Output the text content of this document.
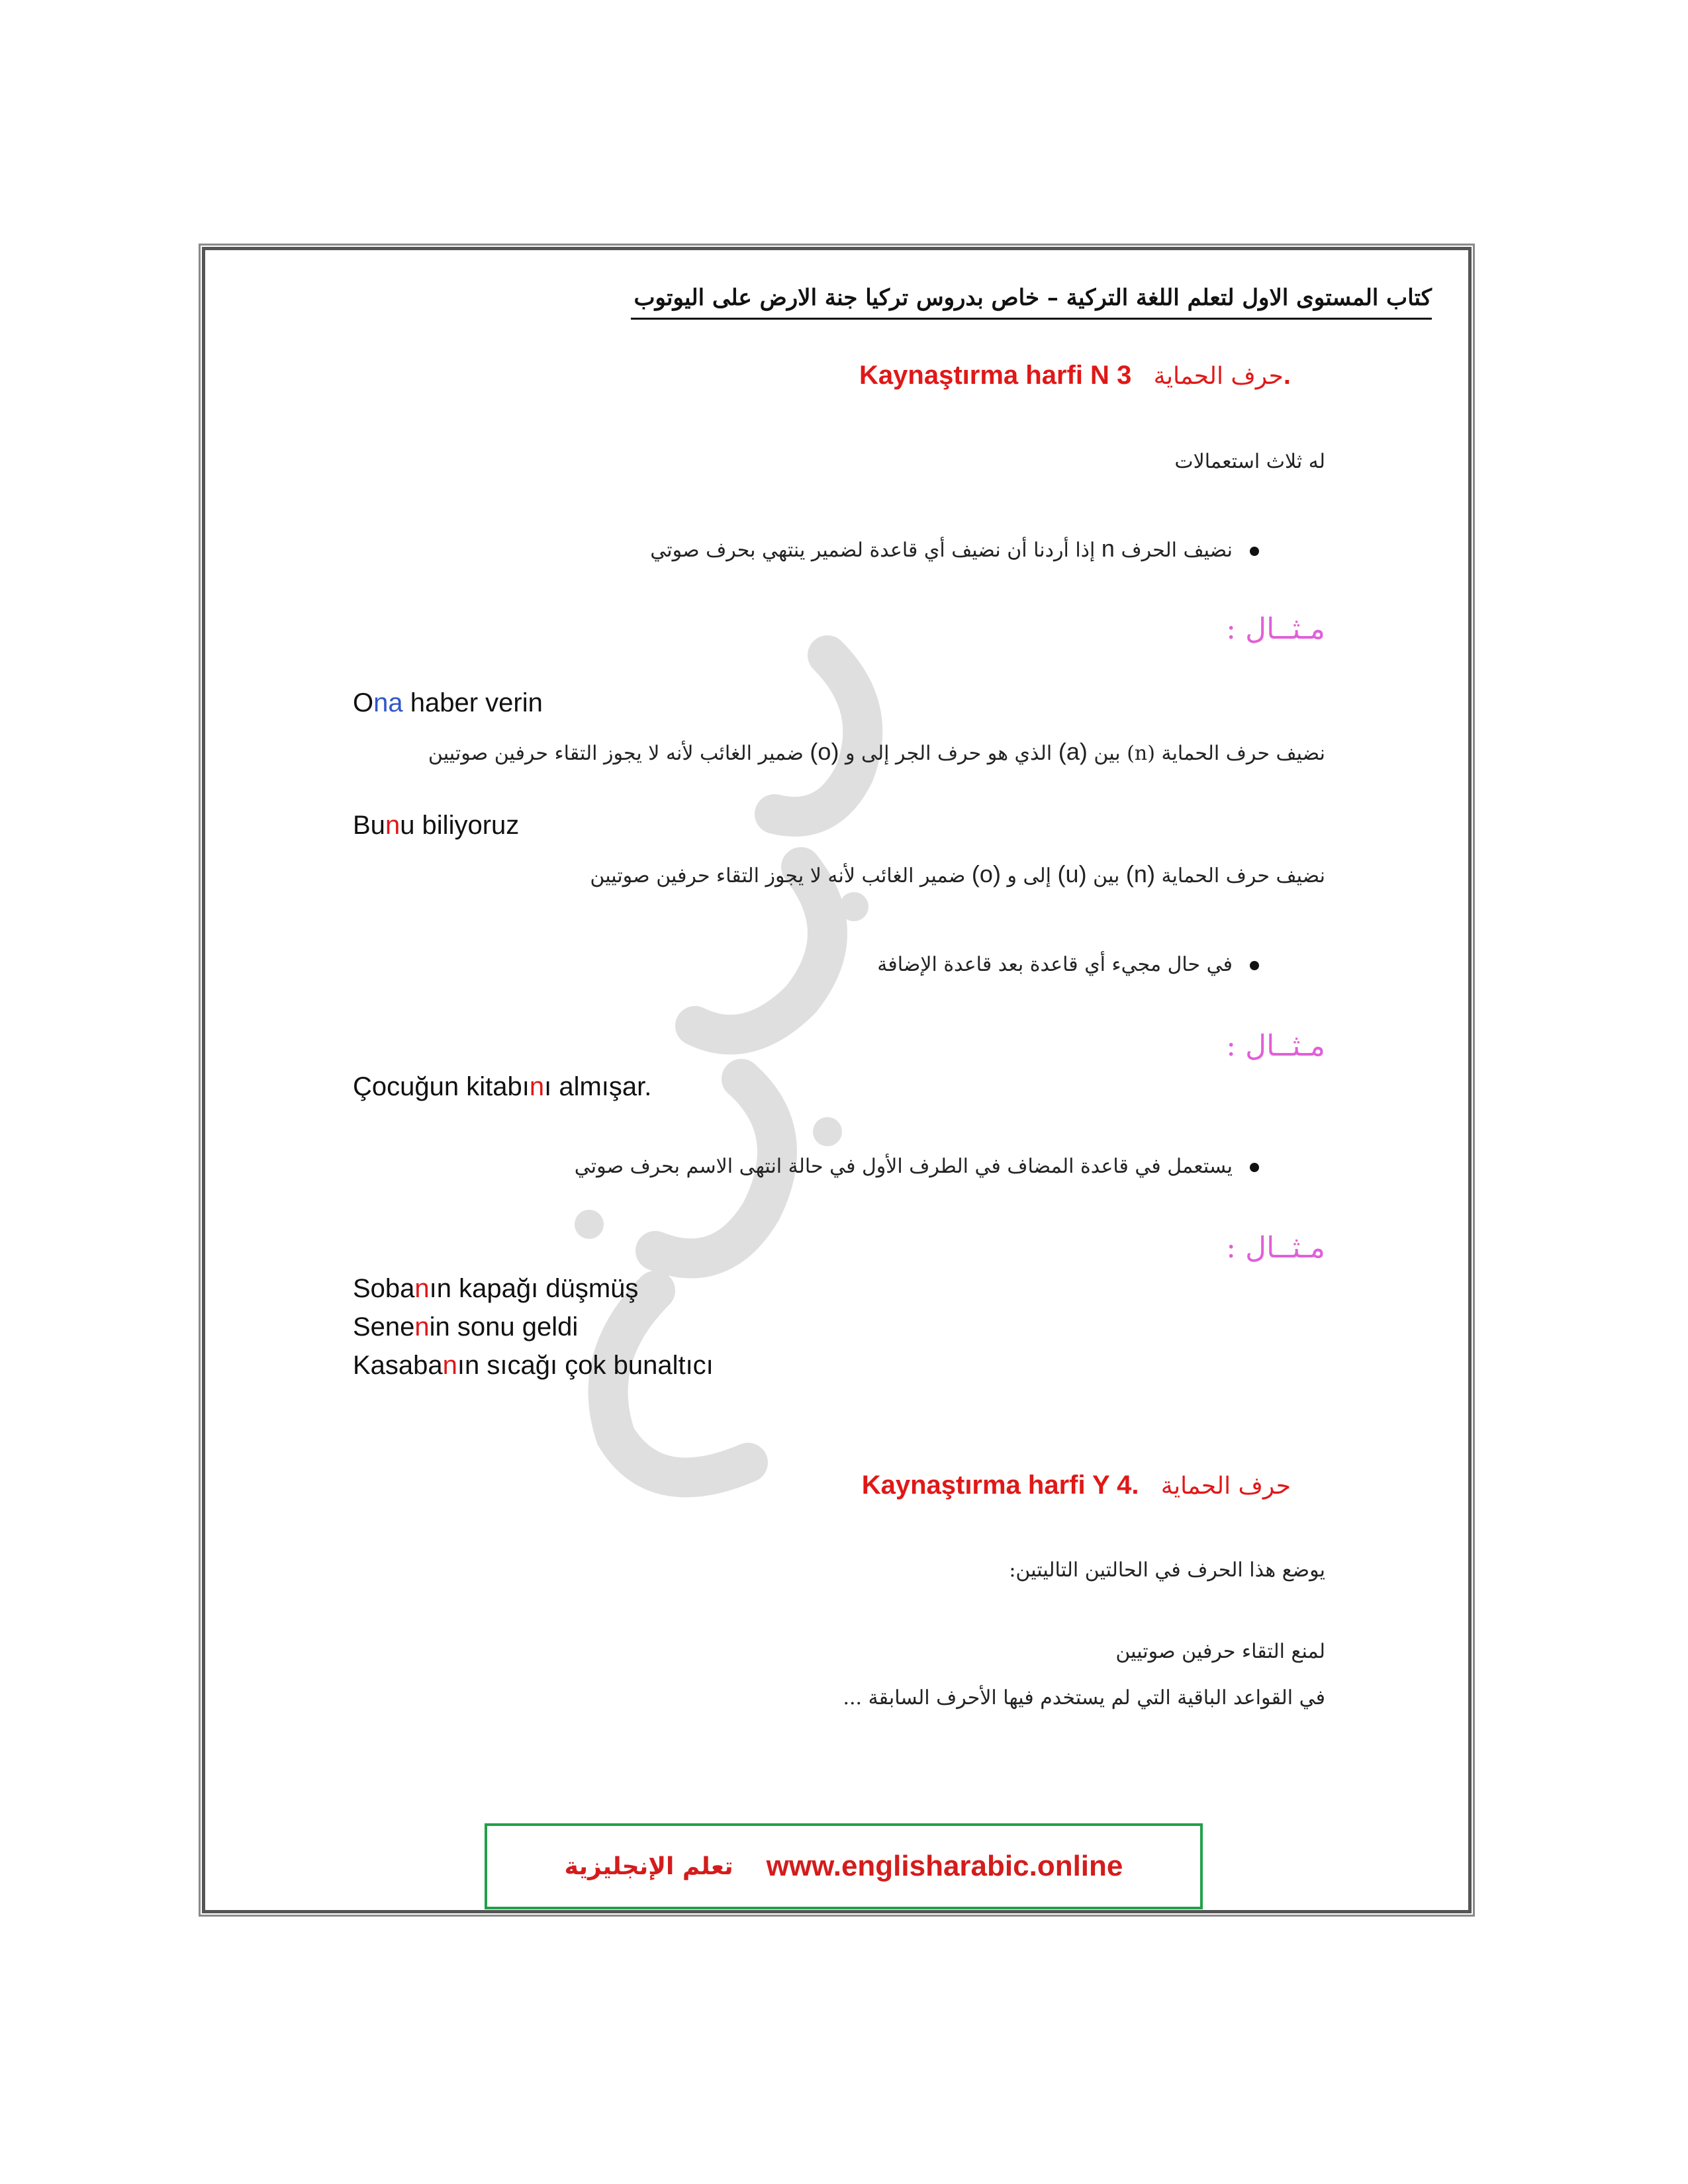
كتاب المستوى الاول لتعلم اللغة التركية – خاص بدروس تركيا جنة الارض على اليوتوب
Kaynaştırma harfi N حرف الحماية   3.
له ثلاث استعمالات
نضيف الحرف n إذا أردنا أن نضيف أي قاعدة لضمير ينتهي بحرف صوتي
مـثــال :
Ona haber verin
نضيف حرف الحماية (n) بين (a) الذي هو حرف الجر إلى و (o) ضمير الغائب لأنه لا يجوز التقاء حرفين صوتيين
Bunu biliyoruz
نضيف حرف الحماية (n) بين (u) إلى و (o) ضمير الغائب لأنه لا يجوز التقاء حرفين صوتيين
في حال مجيء أي قاعدة بعد قاعدة الإضافة
مـثــال :
Çocuğun kitabını almışar.
يستعمل في قاعدة المضاف في الطرف الأول في حالة انتهى الاسم بحرف صوتي
مـثــال :
Sobanın kapağı düşmüş
Senenin sonu geldi
Kasabanın sıcağı çok bunaltıcı
Kaynaştırma harfi Y حرف الحماية   .4
يوضع هذا الحرف في الحالتين التاليتين:
لمنع التقاء حرفين صوتيين
في القواعد الباقية التي لم يستخدم فيها الأحرف السابقة ...
تعلم الإنجليزية www.englisharabic.online
